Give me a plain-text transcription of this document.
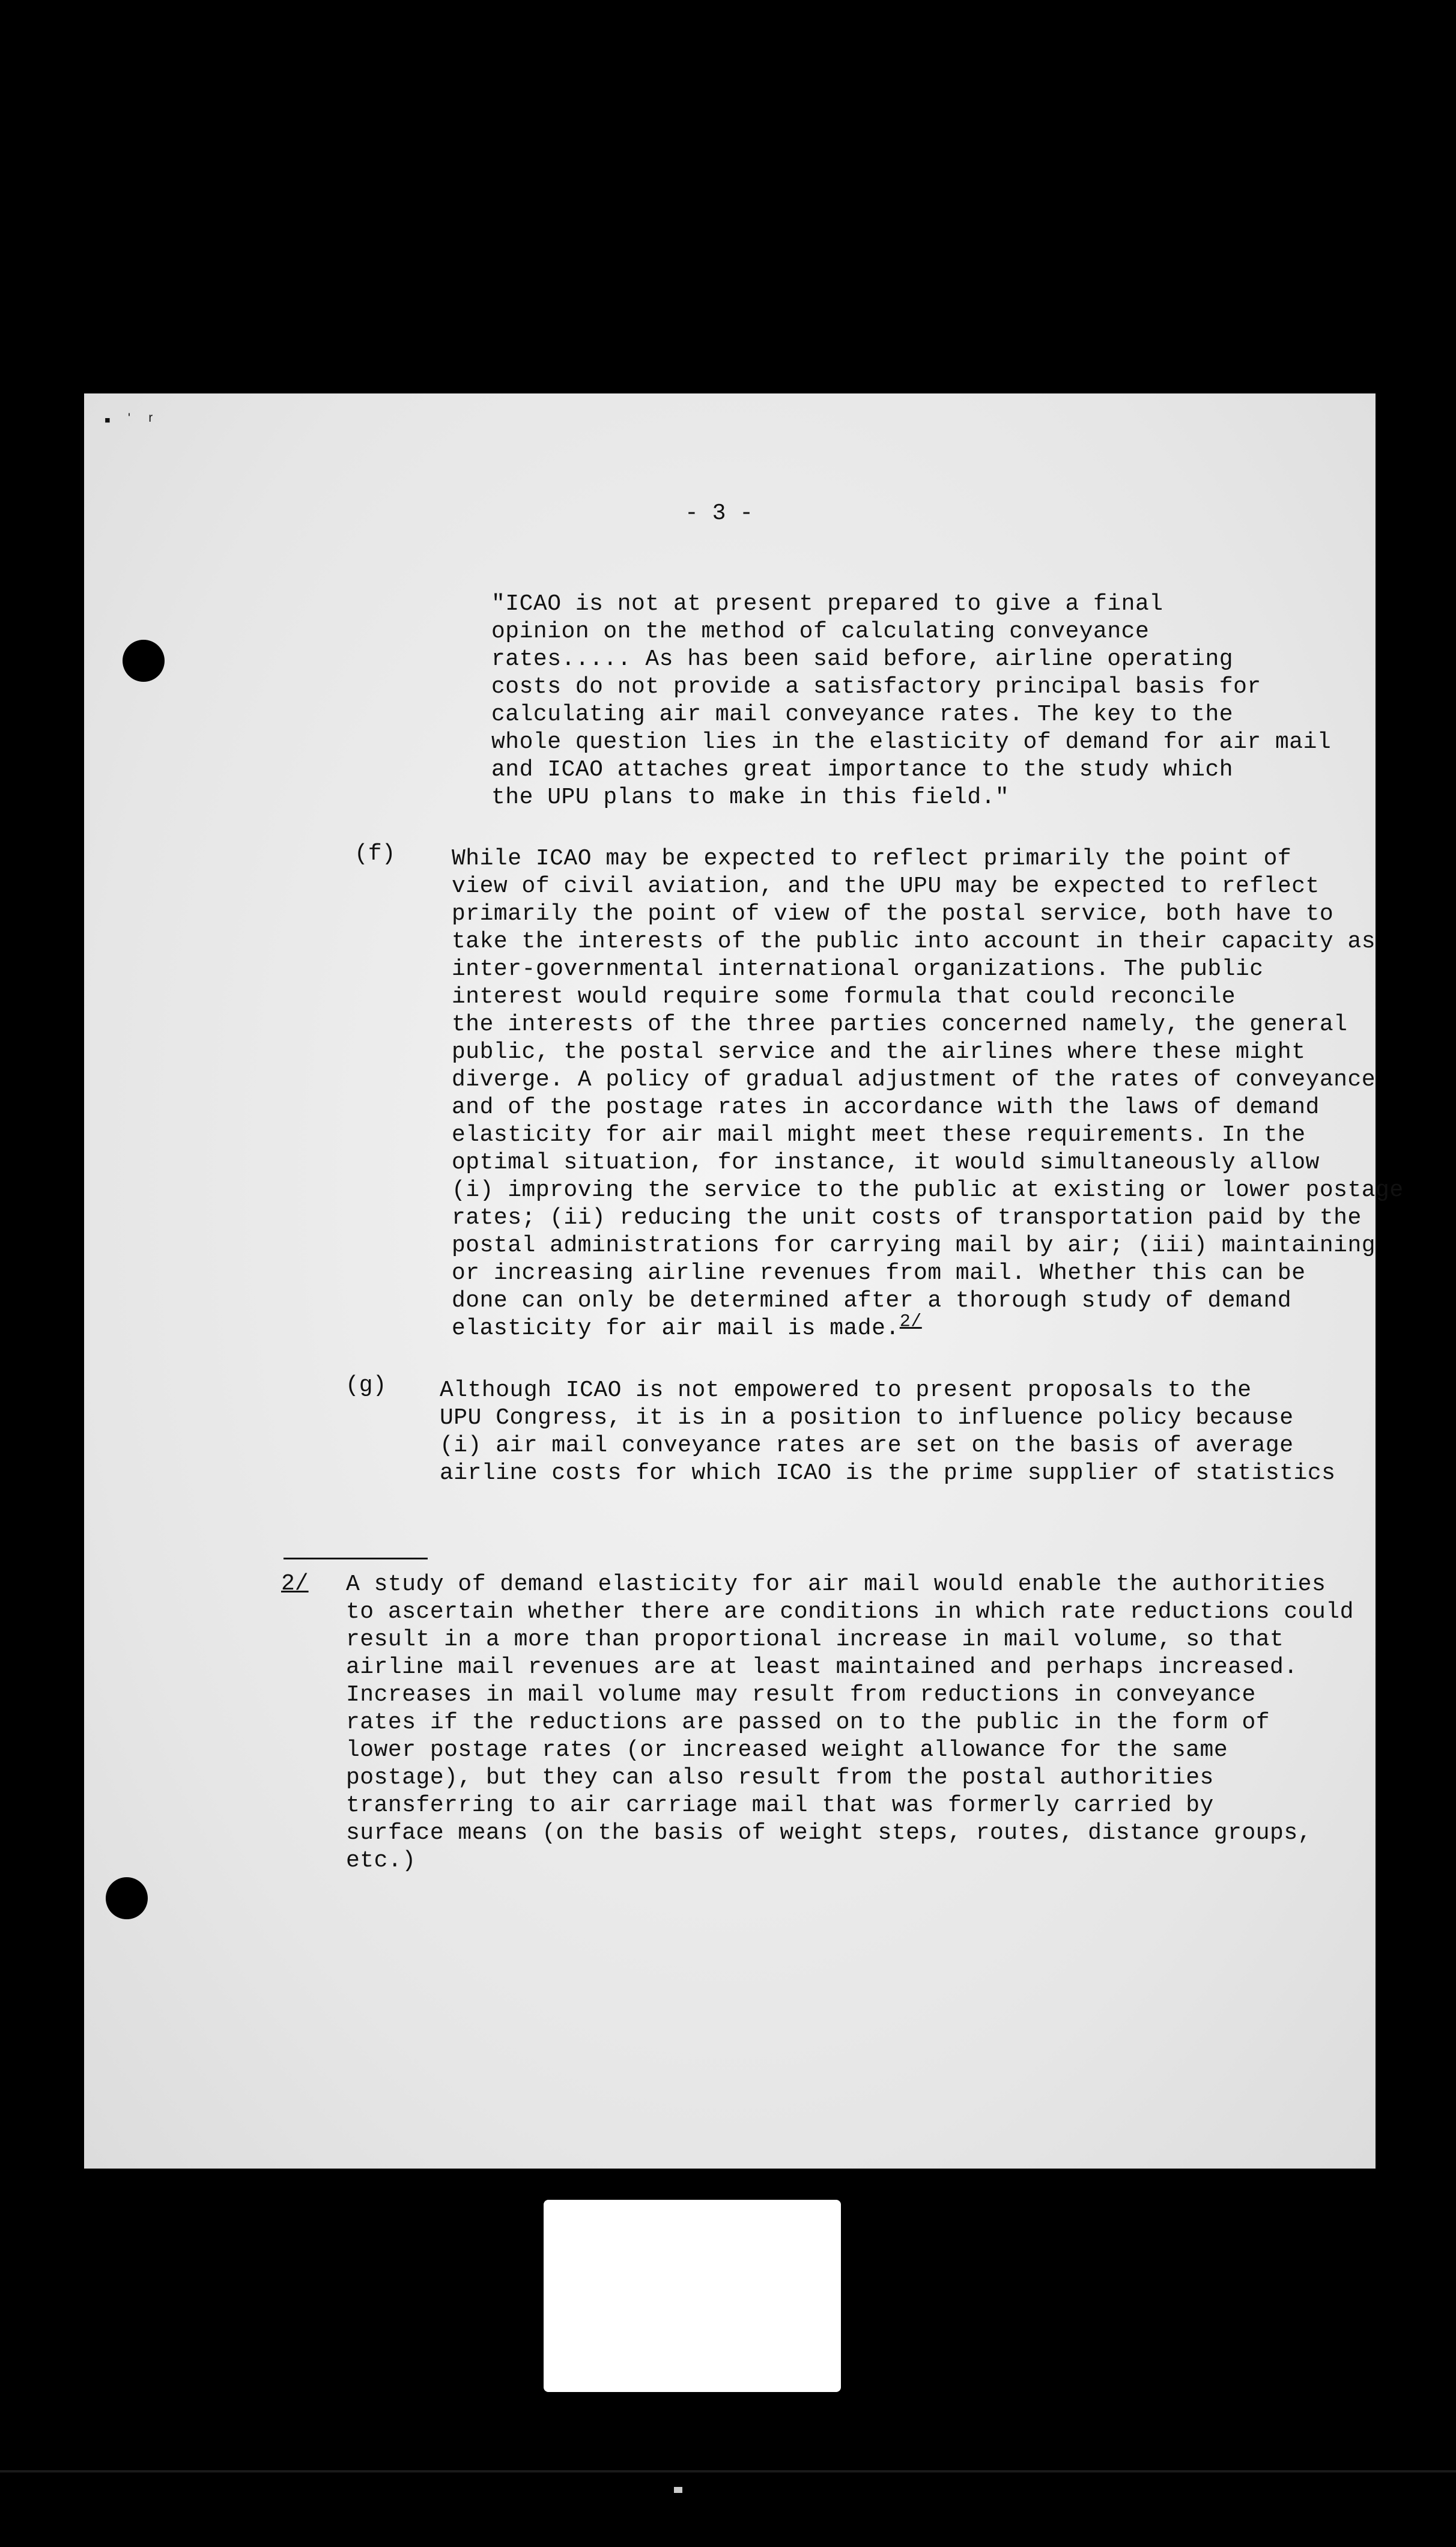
▪ ˈ ʳ
- 3 -
"ICAO is not at present prepared to give a final
opinion on the method of calculating conveyance
rates..... As has been said before, airline operating
costs do not provide a satisfactory principal basis for
calculating air mail conveyance rates. The key to the
whole question lies in the elasticity of demand for air mail
and ICAO attaches great importance to the study which
the UPU plans to make in this field."
(f) While ICAO may be expected to reflect primarily the point of
view of civil aviation, and the UPU may be expected to reflect
primarily the point of view of the postal service, both have to
take the interests of the public into account in their capacity as
inter-governmental international organizations. The public
interest would require some formula that could reconcile
the interests of the three parties concerned namely, the general
public, the postal service and the airlines where these might
diverge. A policy of gradual adjustment of the rates of conveyance
and of the postage rates in accordance with the laws of demand
elasticity for air mail might meet these requirements. In the
optimal situation, for instance, it would simultaneously allow
(i) improving the service to the public at existing or lower postage
rates; (ii) reducing the unit costs of transportation paid by the
postal administrations for carrying mail by air; (iii) maintaining
or increasing airline revenues from mail. Whether this can be
done can only be determined after a thorough study of demand
elasticity for air mail is made.$^{2/}$
(g) Although ICAO is not empowered to present proposals to the
UPU Congress, it is in a position to influence policy because
(i) air mail conveyance rates are set on the basis of average
airline costs for which ICAO is the prime supplier of statistics
2/ A study of demand elasticity for air mail would enable the authorities
to ascertain whether there are conditions in which rate reductions could
result in a more than proportional increase in mail volume, so that
airline mail revenues are at least maintained and perhaps increased.
Increases in mail volume may result from reductions in conveyance
rates if the reductions are passed on to the public in the form of
lower postage rates (or increased weight allowance for the same
postage), but they can also result from the postal authorities
transferring to air carriage mail that was formerly carried by
surface means (on the basis of weight steps, routes, distance groups,
etc.)
